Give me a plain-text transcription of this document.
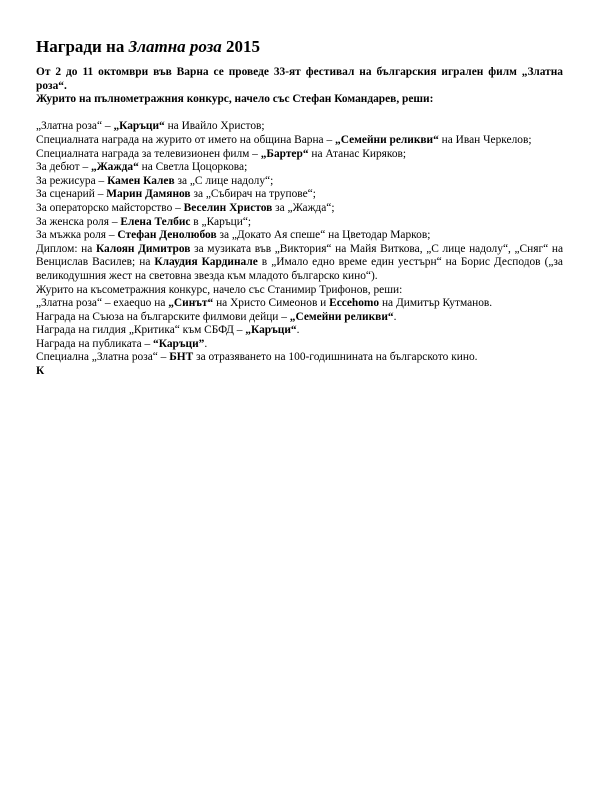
Награди на Златна роза 2015

От 2 до 11 октомври във Варна се проведе 33-ят фестивал на българския игрален филм „Златна роза“.

Журито на пълнометражния конкурс, начело със Стефан Командарев, реши:

„Златна роза“ – „Каръци“ на Ивайло Христов;

Специалната награда на журито от името на община Варна – „Семейни реликви“ на Иван Черкелов;

Специалната награда за телевизионен филм – „Бартер“ на Атанас Киряков;

За дебют – „Жажда“ на Светла Цоцоркова;

За режисура – Камен Калев за „С лице надолу“;

За сценарий – Марин Дамянов за „Събирач на трупове“;

За операторско майсторство – Веселин Христов за „Жажда“;

За женска роля – Елена Телбис в „Каръци“;

За мъжка роля – Стефан Денолюбов за „Докато Ая спеше“ на Цветодар Марков;

Диплом: на Калоян Димитров за музиката във „Виктория“ на Майя Виткова, „С лице надолу“, „Сняг“ на Венцислав Василев; на Клаудия Кардинале в „Имало едно време един уестърн“ на Борис Десподов („за великодушния жест на световна звезда към младото българско кино“).

Журито на късометражния конкурс, начело със Станимир Трифонов, реши:

„Златна роза“ – exaequo на „Синът“ на Христо Симеонов и Eccehomo на Димитър Кутманов.

Награда на Съюза на българските филмови дейци – „Семейни реликви“.

Награда на гилдия „Критика“ към СБФД – „Каръци“.

Награда на публиката – “Каръци”.

Специална „Златна роза“ – БНТ за отразяването на 100-годишнината на българското кино.

К
